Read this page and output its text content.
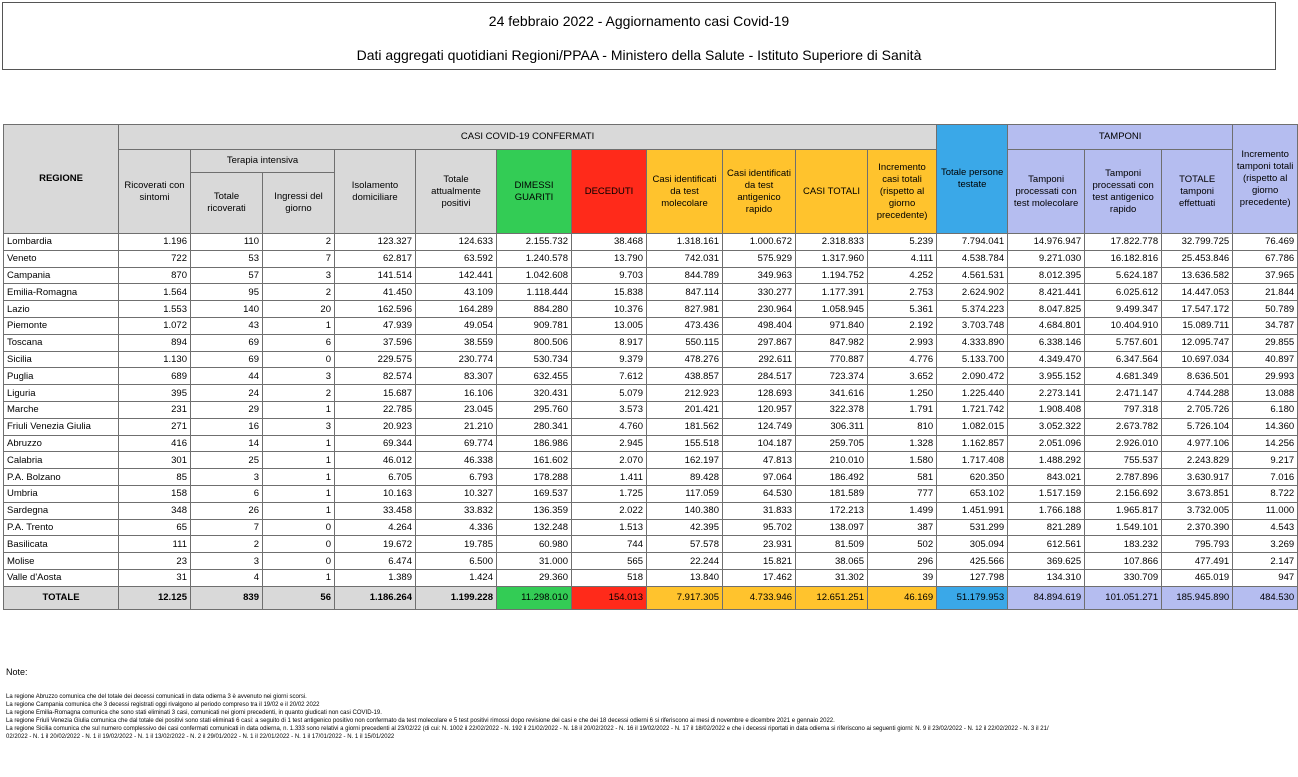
24 febbraio 2022 - Aggiornamento casi Covid-19
Dati aggregati quotidiani Regioni/PPAA - Ministero della Salute - Istituto Superiore di Sanità
REGIONE	CASI COVID-19 CONFERMATI											Totale persone testate	TAMPONI			Incremento tamponi totali (rispetto al giorno precedente)
	Ricoverati con sintomi	Terapia intensiva		Isolamento domiciliare	Totale attualmente positivi	DIMESSI GUARITI	DECEDUTI	Casi identificati da test molecolare	Casi identificati da test antigenico rapido	CASI TOTALI	Incremento casi totali (rispetto al giorno precedente)		Tamponi processati con test molecolare	Tamponi processati con test antigenico rapido	TOTALE tamponi effettuati	
		Totale ricoverati	Ingressi del giorno													
Lombardia	1.196	110	2	123.327	124.633	2.155.732	38.468	1.318.161	1.000.672	2.318.833	5.239	7.794.041	14.976.947	17.822.778	32.799.725	76.469
Veneto	722	53	7	62.817	63.592	1.240.578	13.790	742.031	575.929	1.317.960	4.111	4.538.784	9.271.030	16.182.816	25.453.846	67.786
Campania	870	57	3	141.514	142.441	1.042.608	9.703	844.789	349.963	1.194.752	4.252	4.561.531	8.012.395	5.624.187	13.636.582	37.965
Emilia-Romagna	1.564	95	2	41.450	43.109	1.118.444	15.838	847.114	330.277	1.177.391	2.753	2.624.902	8.421.441	6.025.612	14.447.053	21.844
Lazio	1.553	140	20	162.596	164.289	884.280	10.376	827.981	230.964	1.058.945	5.361	5.374.223	8.047.825	9.499.347	17.547.172	50.789
Piemonte	1.072	43	1	47.939	49.054	909.781	13.005	473.436	498.404	971.840	2.192	3.703.748	4.684.801	10.404.910	15.089.711	34.787
Toscana	894	69	6	37.596	38.559	800.506	8.917	550.115	297.867	847.982	2.993	4.333.890	6.338.146	5.757.601	12.095.747	29.855
Sicilia	1.130	69	0	229.575	230.774	530.734	9.379	478.276	292.611	770.887	4.776	5.133.700	4.349.470	6.347.564	10.697.034	40.897
Puglia	689	44	3	82.574	83.307	632.455	7.612	438.857	284.517	723.374	3.652	2.090.472	3.955.152	4.681.349	8.636.501	29.993
Liguria	395	24	2	15.687	16.106	320.431	5.079	212.923	128.693	341.616	1.250	1.225.440	2.273.141	2.471.147	4.744.288	13.088
Marche	231	29	1	22.785	23.045	295.760	3.573	201.421	120.957	322.378	1.791	1.721.742	1.908.408	797.318	2.705.726	6.180
Friuli Venezia Giulia	271	16	3	20.923	21.210	280.341	4.760	181.562	124.749	306.311	810	1.082.015	3.052.322	2.673.782	5.726.104	14.360
Abruzzo	416	14	1	69.344	69.774	186.986	2.945	155.518	104.187	259.705	1.328	1.162.857	2.051.096	2.926.010	4.977.106	14.256
Calabria	301	25	1	46.012	46.338	161.602	2.070	162.197	47.813	210.010	1.580	1.717.408	1.488.292	755.537	2.243.829	9.217
P.A. Bolzano	85	3	1	6.705	6.793	178.288	1.411	89.428	97.064	186.492	581	620.350	843.021	2.787.896	3.630.917	7.016
Umbria	158	6	1	10.163	10.327	169.537	1.725	117.059	64.530	181.589	777	653.102	1.517.159	2.156.692	3.673.851	8.722
Sardegna	348	26	1	33.458	33.832	136.359	2.022	140.380	31.833	172.213	1.499	1.451.991	1.766.188	1.965.817	3.732.005	11.000
P.A. Trento	65	7	0	4.264	4.336	132.248	1.513	42.395	95.702	138.097	387	531.299	821.289	1.549.101	2.370.390	4.543
Basilicata	111	2	0	19.672	19.785	60.980	744	57.578	23.931	81.509	502	305.094	612.561	183.232	795.793	3.269
Molise	23	3	0	6.474	6.500	31.000	565	22.244	15.821	38.065	296	425.566	369.625	107.866	477.491	2.147
Valle d'Aosta	31	4	1	1.389	1.424	29.360	518	13.840	17.462	31.302	39	127.798	134.310	330.709	465.019	947
TOTALE	12.125	839	56	1.186.264	1.199.228	11.298.010	154.013	7.917.305	4.733.946	12.651.251	46.169	51.179.953	84.894.619	101.051.271	185.945.890	484.530
Note:

La regione Abruzzo comunica che del totale dei decessi comunicati in data odierna 3 è avvenuto nei giorni scorsi.

La regione Campania comunica che 3 decessi registrati oggi rivalgono al periodo compreso tra il 19/02 e il 20/02 2022

La regione Emilia-Romagna comunica che sono stati eliminati 3 casi, comunicati nei giorni precedenti, in quanto giudicati non casi COVID-19.

La regione Friuli Venezia Giulia comunica che dal totale dei positivi sono stati eliminati 6 casi: a seguito di 1 test antigenico positivo non confermato da test molecolare e 5 test positivi rimossi dopo revisione dei casi e che dei 18 decessi odierni 6 si riferiscono ai mesi di novembre e dicembre 2021 e gennaio 2022.

La regione Sicilia comunica che sul numero complessivo dei casi confermati comunicati in data odierna, n. 1.333 sono relativi a giorni precedenti al 23/02/22 (di cui: N. 1002 il 22/02/2022 - N. 192 il 21/02/2022 - N. 18 il 20/02/2022 - N. 16 il 19/02/2022 - N. 17 il 18/02/2022 e che i decessi riportati in data odierna si riferiscono ai seguenti giorni: N. 9 il 23/02/2022 - N. 12 il 22/02/2022 - N. 3 il 21/

02/2022 - N. 1 il 20/02/2022 - N. 1 il 19/02/2022 - N. 1 il 13/02/2022 - N. 2 il 29/01/2022 - N. 1 il 22/01/2022 - N. 1 il 17/01/2022 - N. 1 il 15/01/2022
